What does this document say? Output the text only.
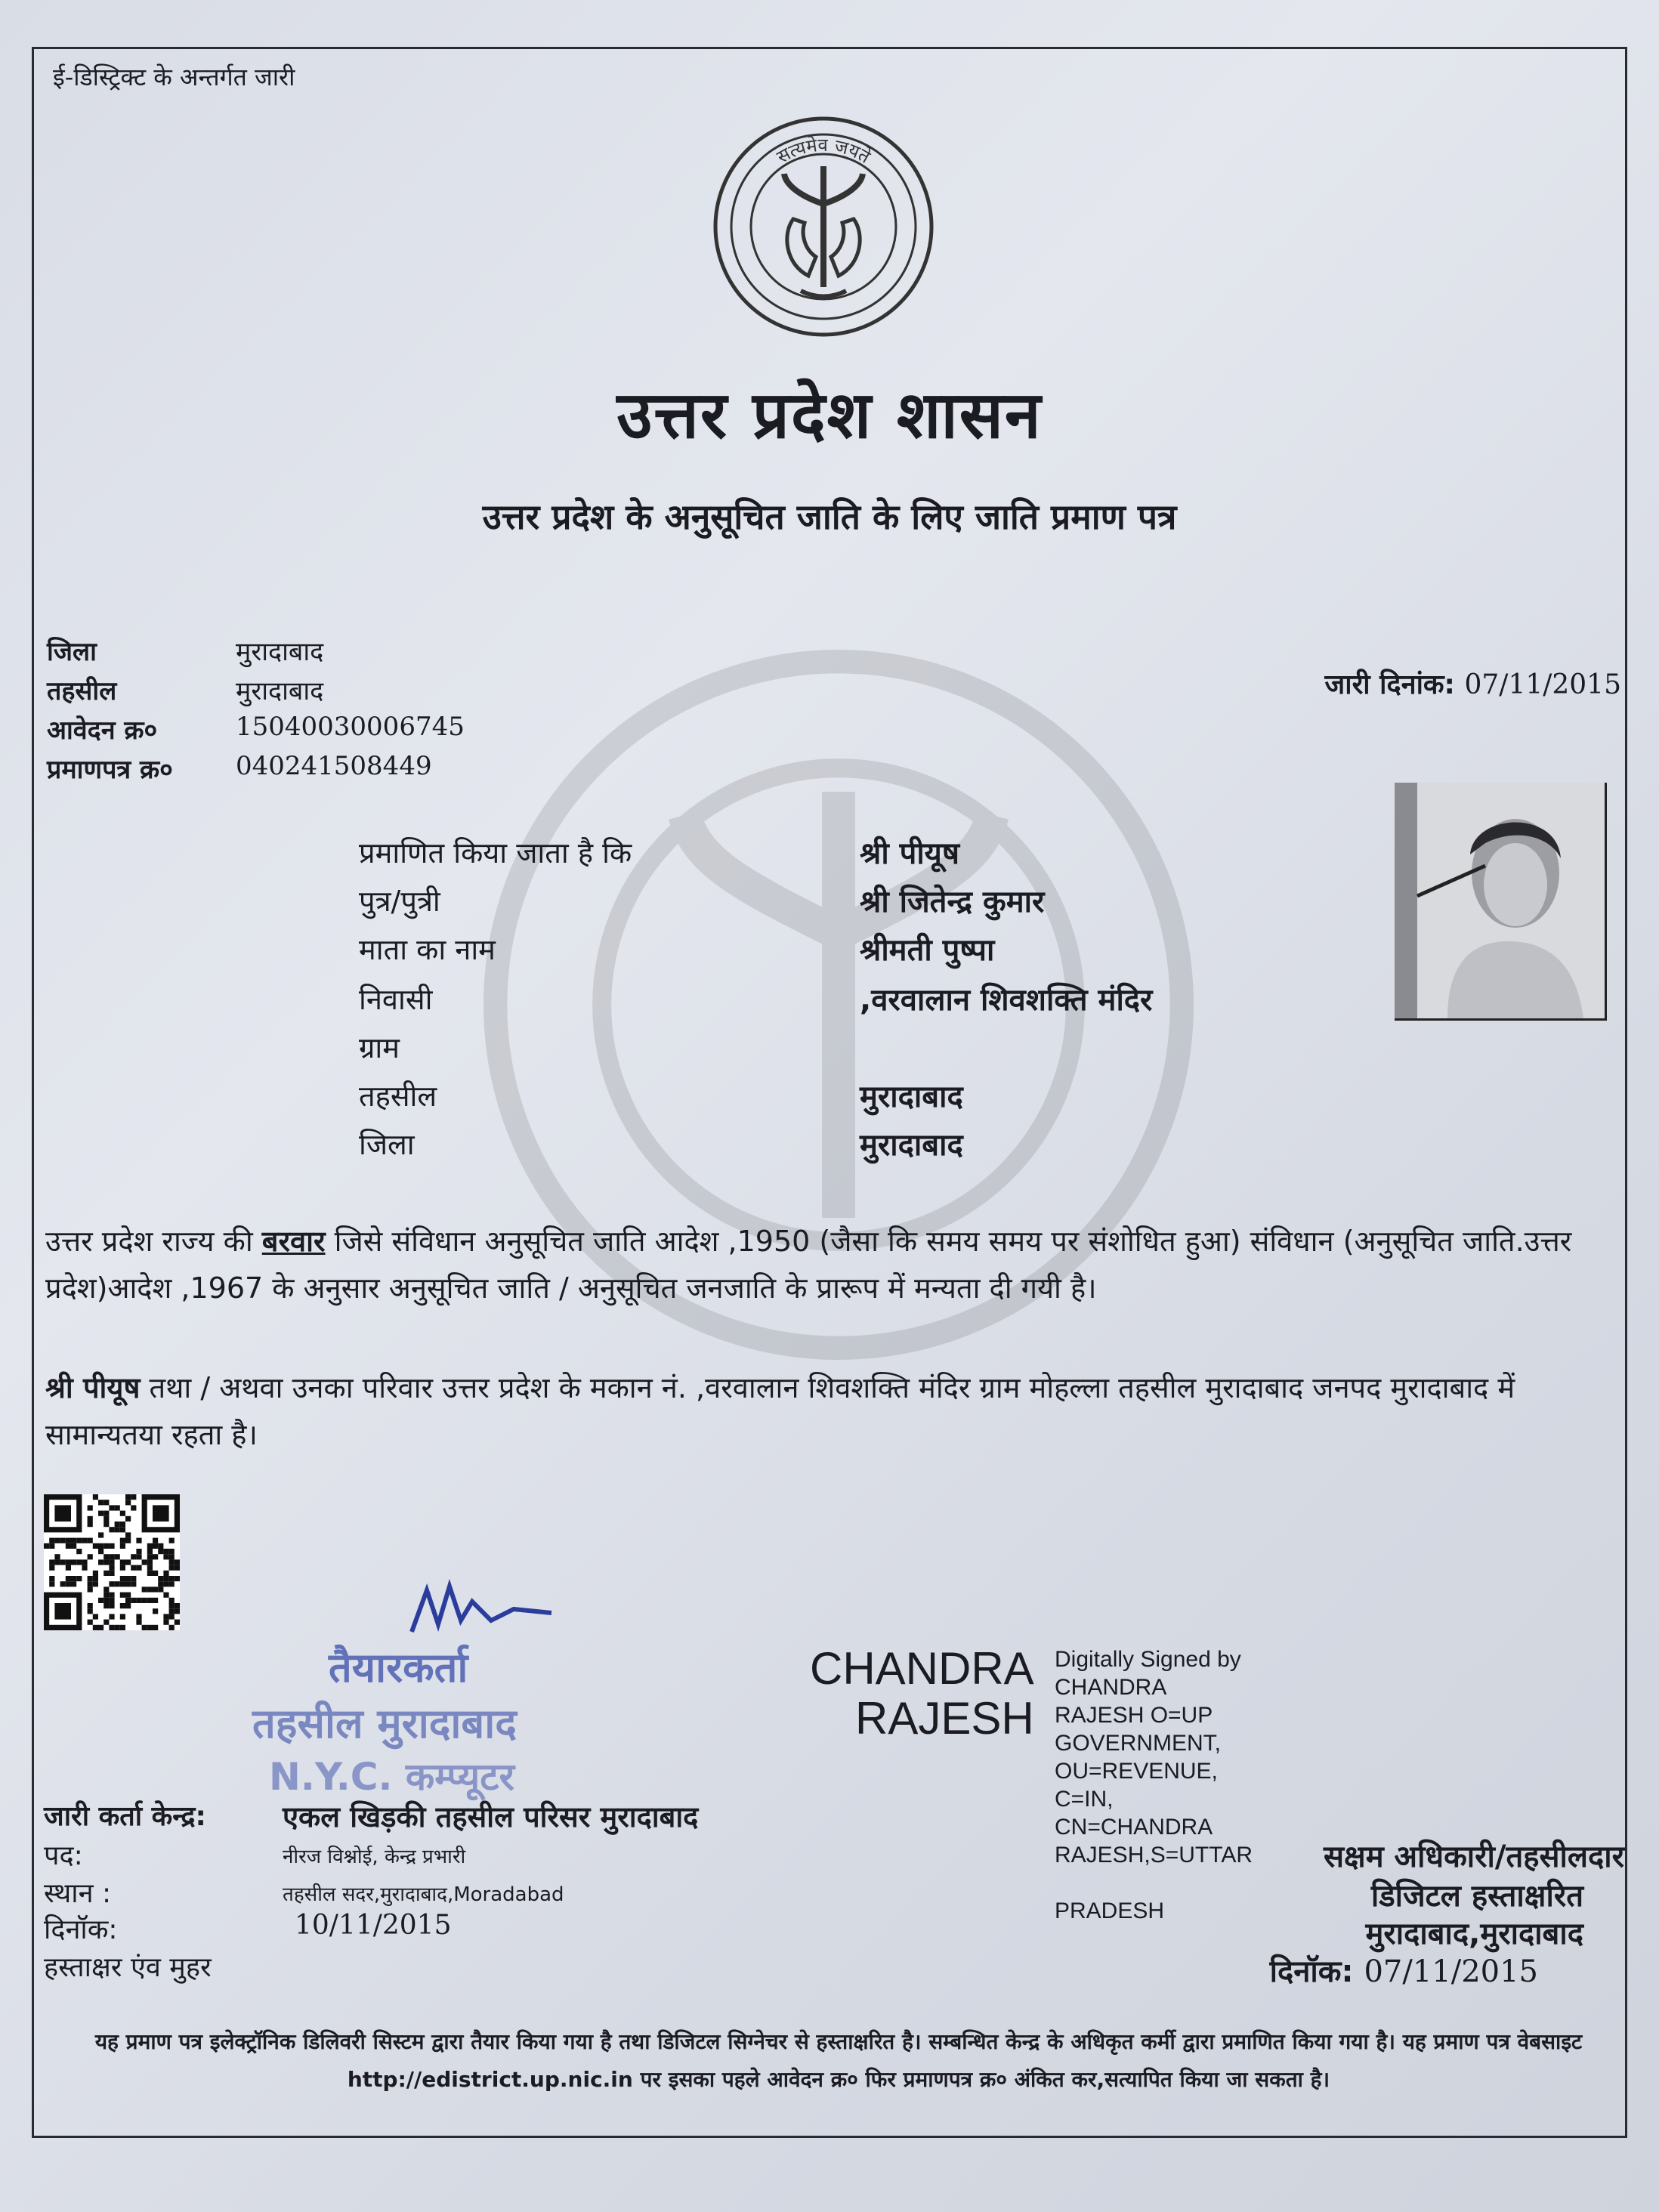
ई-डिस्ट्रिक्ट के अन्तर्गत जारी
सत्यमेव जयते
उत्तर प्रदेश शासन
उत्तर प्रदेश के अनुसूचित जाति के लिए जाति प्रमाण पत्र
जिला	मुरादाबाद
तहसील	मुरादाबाद
आवेदन क्र०	15040030006745
प्रमाणपत्र क्र० 040241508449
जारी दिनांक: 07/11/2015
प्रमाणित किया जाता है कि	श्री पीयूष
पुत्र/पुत्री	श्री जितेन्द्र कुमार
माता का नाम	श्रीमती पुष्पा
निवासी	,वरवालान शिवशक्ति मंदिर
ग्राम
तहसील	मुरादाबाद
जिला	मुरादाबाद
उत्तर प्रदेश राज्य की बरवार जिसे संविधान अनुसूचित जाति आदेश ,1950 (जैसा कि समय समय पर संशोधित हुआ) संविधान (अनुसूचित जाति.उत्तर प्रदेश)आदेश ,1967 के अनुसार अनुसूचित जाति / अनुसूचित जनजाति के प्रारूप में मन्यता दी गयी है।
श्री पीयूष तथा / अथवा उनका परिवार उत्तर प्रदेश के मकान नं. ,वरवालान शिवशक्ति मंदिर ग्राम मोहल्ला तहसील मुरादाबाद जनपद मुरादाबाद में सामान्यतया रहता है।
तैयारकर्ता
तहसील मुरादाबाद
N.Y.C. कम्प्यूटर
CHANDRA
RAJESH
Digitally Signed by
CHANDRA
RAJESH O=UP
GOVERNMENT,
OU=REVENUE,
C=IN,
CN=CHANDRA
RAJESH,S=UTTAR

PRADESH
जारी कर्ता केन्द्र:	एकल खिड़की तहसील परिसर मुरादाबाद
पद:	नीरज विश्नोई, केन्द्र प्रभारी
स्थान :	तहसील सदर,मुरादाबाद,Moradabad
दिनॉक:	10/11/2015
हस्ताक्षर एंव मुहर
सक्षम अधिकारी/तहसीलदार
डिजिटल हस्ताक्षरित
मुरादाबाद,मुरादाबाद
दिनॉक: 07/11/2015
यह प्रमाण पत्र इलेक्ट्रॉनिक डिलिवरी सिस्टम द्वारा तैयार किया गया है तथा डिजिटल सिग्नेचर से हस्ताक्षरित है। सम्बन्धित केन्द्र के अधिकृत कर्मी द्वारा प्रमाणित किया गया है। यह प्रमाण पत्र वेबसाइट http://edistrict.up.nic.in पर इसका पहले आवेदन क्र० फिर प्रमाणपत्र क्र० अंकित कर,सत्यापित किया जा सकता है।
